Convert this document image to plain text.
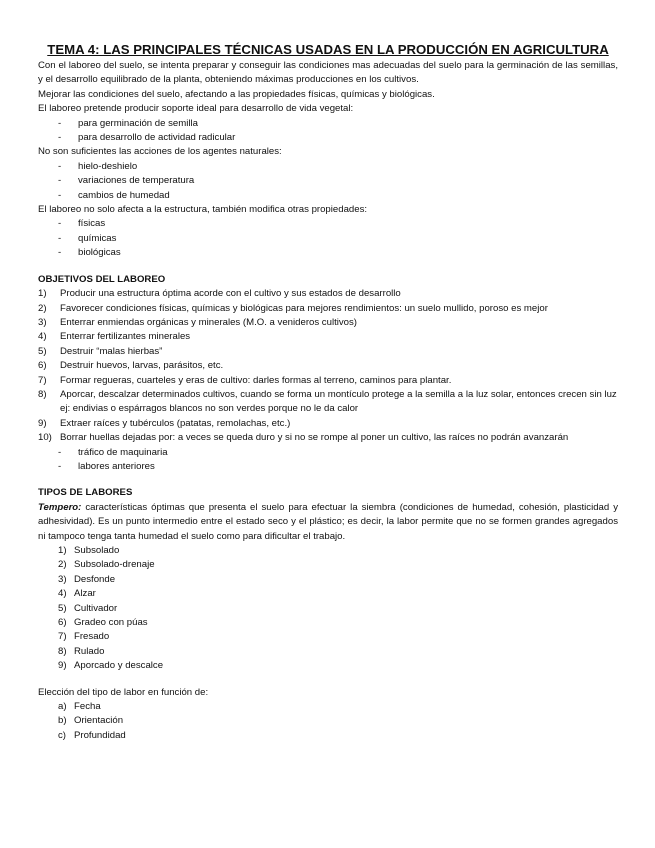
TEMA 4: LAS PRINCIPALES TÉCNICAS USADAS EN LA PRODUCCIÓN EN AGRICULTURA

Con el laboreo del suelo, se intenta preparar y conseguir las condiciones mas adecuadas del suelo para la germinación de las semillas, y el desarrollo equilibrado de la planta, obteniendo máximas producciones en los cultivos.

Mejorar las condiciones del suelo, afectando a las propiedades físicas, químicas y biológicas.

El laboreo pretende producir soporte ideal para desarrollo de vida vegetal:

-	para germinación de semilla
-	para desarrollo de actividad radicular

No son suficientes las acciones de los agentes naturales:

-	hielo-deshielo
-	variaciones de temperatura
-	cambios de humedad

El laboreo no solo afecta a la estructura, también modifica otras propiedades:

-	físicas
-	químicas
-	biológicas
OBJETIVOS DEL LABOREO
1)	Producir una estructura óptima acorde con el cultivo y sus estados de desarrollo
2)	Favorecer condiciones físicas, químicas y biológicas para mejores rendimientos: un suelo mullido, poroso es mejor
3)	Enterrar enmiendas orgánicas y minerales (M.O. a venideros cultivos)
4)	Enterrar fertilizantes minerales
5)	Destruir “malas hierbas”
6)	Destruir huevos, larvas, parásitos, etc.
7)	Formar regueras, cuarteles y eras de cultivo: darles formas al terreno, caminos para plantar.
8)	Aporcar, descalzar determinados cultivos, cuando se forma un montículo protege a la semilla a la luz solar, entonces crecen sin luz ej: endivias o espárragos blancos no son verdes porque no le da calor
9)	Extraer raíces y tubérculos (patatas, remolachas, etc.)
10) Borrar huellas dejadas por: a veces se queda duro y si no se rompe al poner un cultivo, las raíces no podrán avanzarán
-	tráfico de maquinaria
-	labores anteriores
TIPOS DE LABORES

Tempero: características óptimas que presenta el suelo para efectuar la siembra (condiciones de humedad, cohesión, plasticidad y adhesividad). Es un punto intermedio entre el estado seco y el plástico; es decir, la labor permite que no se formen grandes agregados ni tampoco tenga tanta humedad el suelo como para dificultar el trabajo.

1) Subsolado
2) Subsolado-drenaje
3) Desfonde
4) Alzar
5) Cultivador
6) Gradeo con púas
7) Fresado
8) Rulado
9) Aporcado y descalce

Elección del tipo de labor en función de:

a) Fecha
b) Orientación
c) Profundidad
